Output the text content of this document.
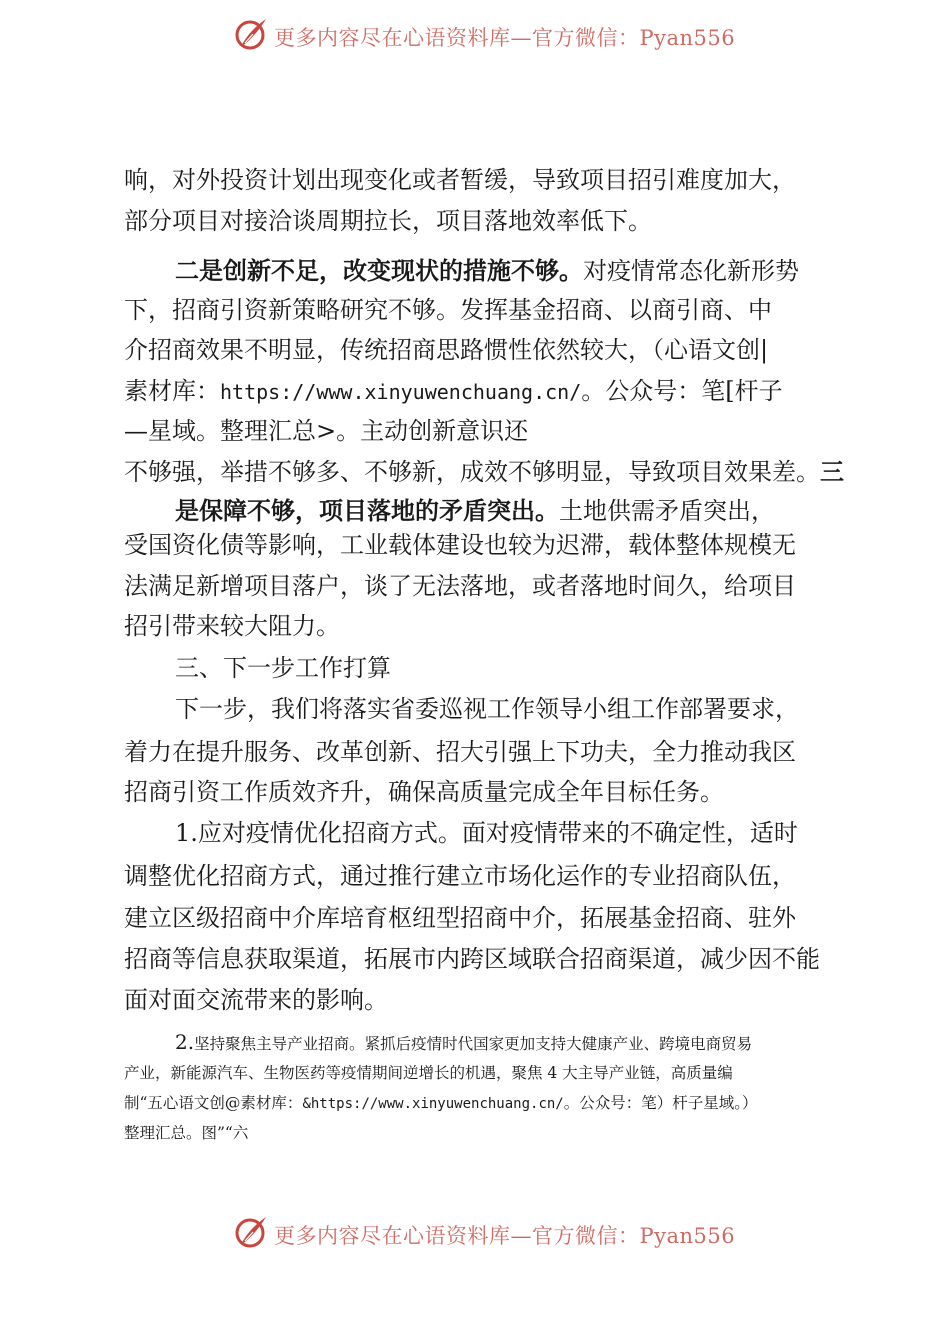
更多内容尽在心语资料库—官方微信：Pyan556
响，对外投资计划出现变化或者暂缓，导致项目招引难度加大，
部分项目对接洽谈周期拉长，项目落地效率低下。
二是创新不足，改变现状的措施不够。对疫情常态化新形势
下，招商引资新策略研究不够。发挥基金招商、以商引商、中
介招商效果不明显，传统招商思路惯性依然较大，（心语文创|
素材库：https://www.xinyuwenchuang.cn/。公众号：笔[杆子
—星域。整理汇总>。主动创新意识还
不够强，举措不够多、不够新，成效不够明显，导致项目效果差。三
是保障不够，项目落地的矛盾突出。土地供需矛盾突出，
受国资化债等影响，工业载体建设也较为迟滞，载体整体规模无
法满足新增项目落户，谈了无法落地，或者落地时间久，给项目
招引带来较大阻力。
三、下一步工作打算
下一步，我们将落实省委巡视工作领导小组工作部署要求，
着力在提升服务、改革创新、招大引强上下功夫，全力推动我区
招商引资工作质效齐升，确保高质量完成全年目标任务。
1.应对疫情优化招商方式。面对疫情带来的不确定性，适时
调整优化招商方式，通过推行建立市场化运作的专业招商队伍，
建立区级招商中介库培育枢纽型招商中介，拓展基金招商、驻外
招商等信息获取渠道，拓展市内跨区域联合招商渠道，减少因不能
面对面交流带来的影响。
2.坚持聚焦主导产业招商。紧抓后疫情时代国家更加支持大健康产业、跨境电商贸易
产业，新能源汽车、生物医药等疫情期间逆增长的机遇，聚焦 4 大主导产业链，高质量编
制“五心语文创@素材库：&https://www.xinyuwenchuang.cn/。公众号：笔）杆子星域。）
整理汇总。图”“六
更多内容尽在心语资料库—官方微信：Pyan556
